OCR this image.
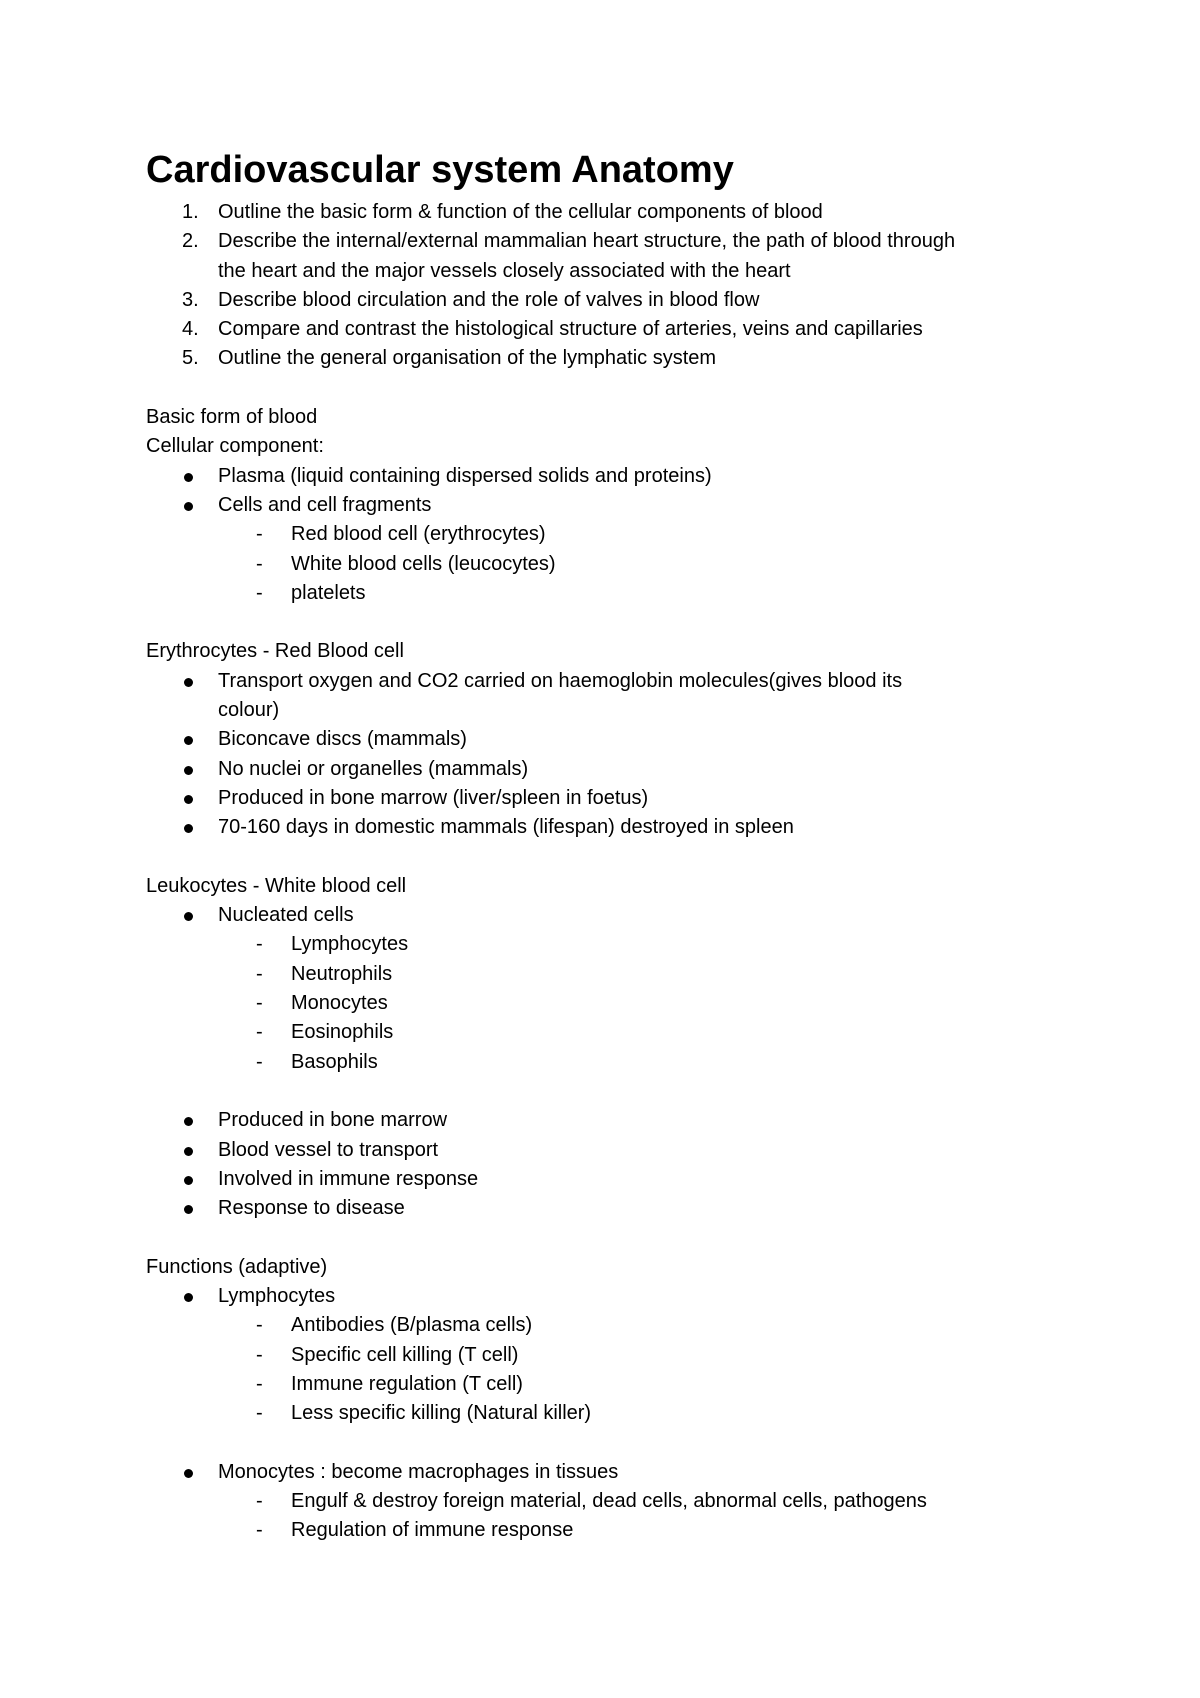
Cardiovascular system Anatomy
1. Outline the basic form & function of the cellular components of blood
2. Describe the internal/external mammalian heart structure, the path of blood through
the heart and the major vessels closely associated with the heart
3. Describe blood circulation and the role of valves in blood flow
4. Compare and contrast the histological structure of arteries, veins and capillaries
5. Outline the general organisation of the lymphatic system
Basic form of blood
Cellular component:
Plasma (liquid containing dispersed solids and proteins)
Cells and cell fragments
- Red blood cell (erythrocytes)
- White blood cells (leucocytes)
- platelets
Erythrocytes - Red Blood cell
Transport oxygen and CO2 carried on haemoglobin molecules(gives blood its
colour)
Biconcave discs (mammals)
No nuclei or organelles (mammals)
Produced in bone marrow (liver/spleen in foetus)
70-160 days in domestic mammals (lifespan) destroyed in spleen
Leukocytes - White blood cell
Nucleated cells
- Lymphocytes
- Neutrophils
- Monocytes
- Eosinophils
- Basophils
Produced in bone marrow
Blood vessel to transport
Involved in immune response
Response to disease
Functions (adaptive)
Lymphocytes
- Antibodies (B/plasma cells)
- Specific cell killing (T cell)
- Immune regulation (T cell)
- Less specific killing (Natural killer)
Monocytes : become macrophages in tissues
- Engulf & destroy foreign material, dead cells, abnormal cells, pathogens
- Regulation of immune response
